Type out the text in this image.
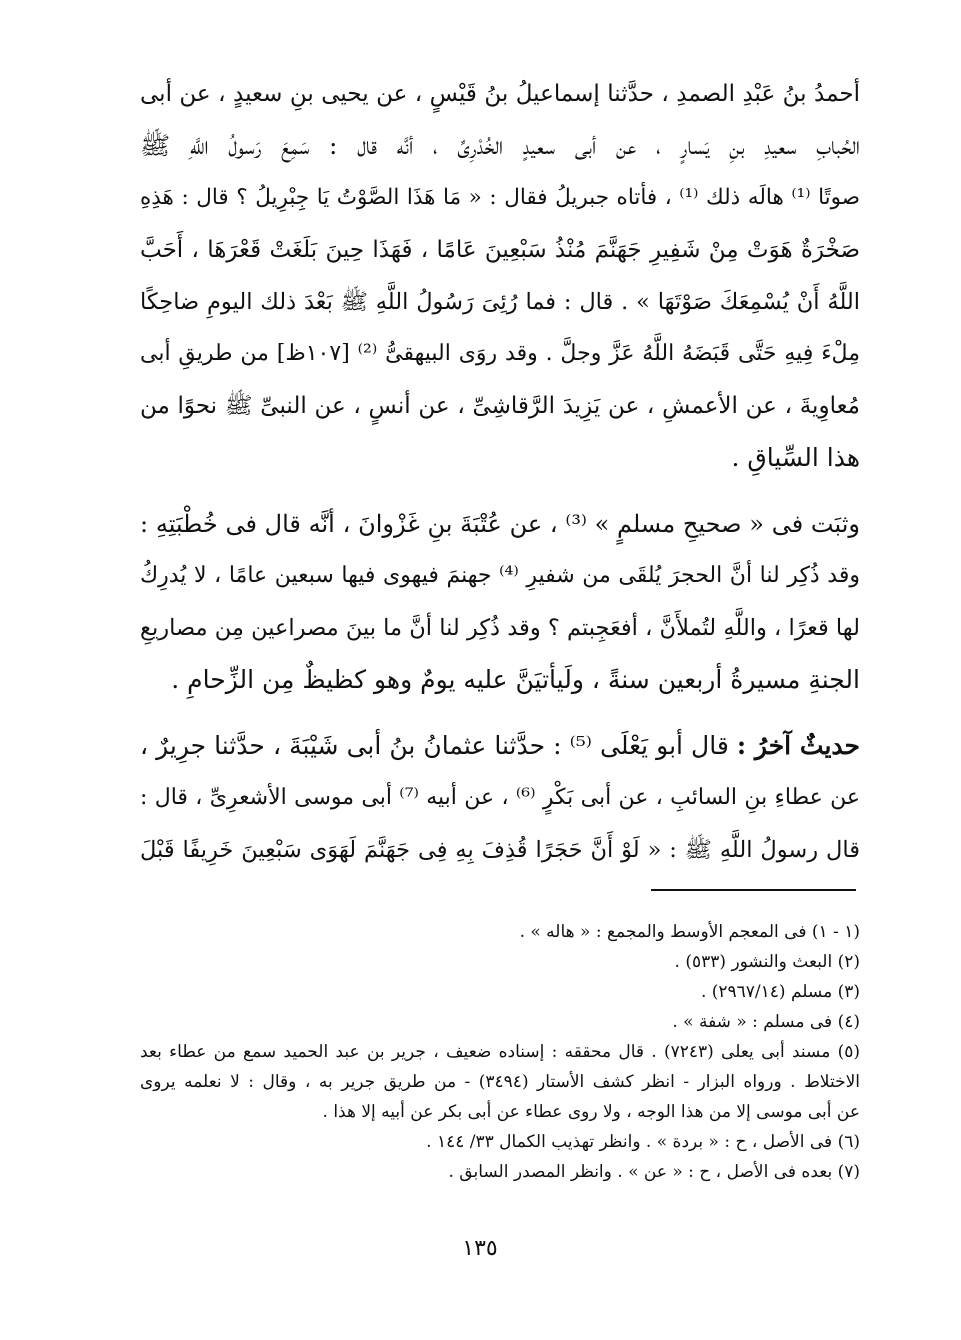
أحمدُ بنُ عَبْدِ الصمدِ ، حدَّثنا إسماعيلُ بنُ قَيْسٍ ، عن يحيى بنِ سعيدٍ ، عن أبى
الحُبابِ سعيدِ بنِ يَسارٍ ، عن أبى سعيدٍ الخُدْرِىِّ ، أنَّه قال : سَمِعَ رَسولُ اللَّهِ ﷺ
صوتًا ⁽¹⁾ هالَه ذلك ⁽¹⁾ ، فأتاه جبريلُ فقال : « مَا هَذَا الصَّوْتُ يَا جِبْرِيلُ ؟ قال : هَذِهِ
صَخْرَةٌ هَوَتْ مِنْ شَفِيرِ جَهَنَّمَ مُنْذُ سَبْعِينَ عَامًا ، فَهَذَا حِينَ بَلَغَتْ قَعْرَهَا ، أَحَبَّ
اللَّهُ أَنْ يُسْمِعَكَ صَوْتَهَا » . قال : فما رُئِىَ رَسُولُ اللَّهِ ﷺ بَعْدَ ذلك اليومِ ضاحِكًا
مِلْءَ فِيهِ حَتَّى قَبَضَهُ اللَّهُ عَزَّ وجلَّ . وقد روَى البيهقىُّ ⁽²⁾ [١٠٧ظ] من طريقِ أبى
مُعاوِيةَ ، عن الأعمشِ ، عن يَزِيدَ الرَّقاشِىِّ ، عن أنسٍ ، عن النبىِّ ﷺ نحوًا من
هذا السِّياقِ .
وثبَت فى « صحيحِ مسلمٍ » ⁽³⁾ ، عن عُتْبَةَ بنِ غَزْوانَ ، أنَّه قال فى خُطْبَتِهِ :
وقد ذُكِر لنا أنَّ الحجرَ يُلقَى من شفيرِ ⁽⁴⁾ جهنمَ فيهوى فيها سبعين عامًا ، لا يُدرِكُ
لها قعرًا ، واللَّهِ لتُملأَنَّ ، أفعَجِبتم ؟ وقد ذُكِر لنا أنَّ ما بينَ مصراعين مِن مصاريعِ
الجنةِ مسيرةُ أربعين سنةً ، ولَيأتيَنَّ عليه يومٌ وهو كظيظٌ مِن الزِّحامِ .
حديثٌ آخرُ : قال أبو يَعْلَى ⁽⁵⁾ : حدَّثنا عثمانُ بنُ أبى شَيْبَةَ ، حدَّثنا جرِيرٌ ،
عن عطاءِ بنِ السائبِ ، عن أبى بَكْرٍ ⁽⁶⁾ ، عن أبيه ⁽⁷⁾ أبى موسى الأشعرِىِّ ، قال :
قال رسولُ اللَّهِ ﷺ : « لَوْ أَنَّ حَجَرًا قُذِفَ بِهِ فِى جَهَنَّمَ لَهَوَى سَبْعِينَ خَرِيفًا قَبْلَ
(١ - ١) فى المعجم الأوسط والمجمع : « هاله » .
(٢) البعث والنشور (٥٣٣) .
(٣) مسلم (٢٩٦٧/١٤) .
(٤) فى مسلم : « شفة » .
(٥) مسند أبى يعلى (٧٢٤٣) . قال محققه : إسناده ضعيف ، جرير بن عبد الحميد سمع من عطاء بعد
الاختلاط . ورواه البزار - انظر كشف الأستار (٣٤٩٤) - من طريق جرير به ، وقال : لا نعلمه يروى
عن أبى موسى إلا من هذا الوجه ، ولا روى عطاء عن أبى بكر عن أبيه إلا هذا .
(٦) فى الأصل ، ح : « بردة » . وانظر تهذيب الكمال ٣٣/ ١٤٤ .
(٧) بعده فى الأصل ، ح : « عن » . وانظر المصدر السابق .
١٣٥
